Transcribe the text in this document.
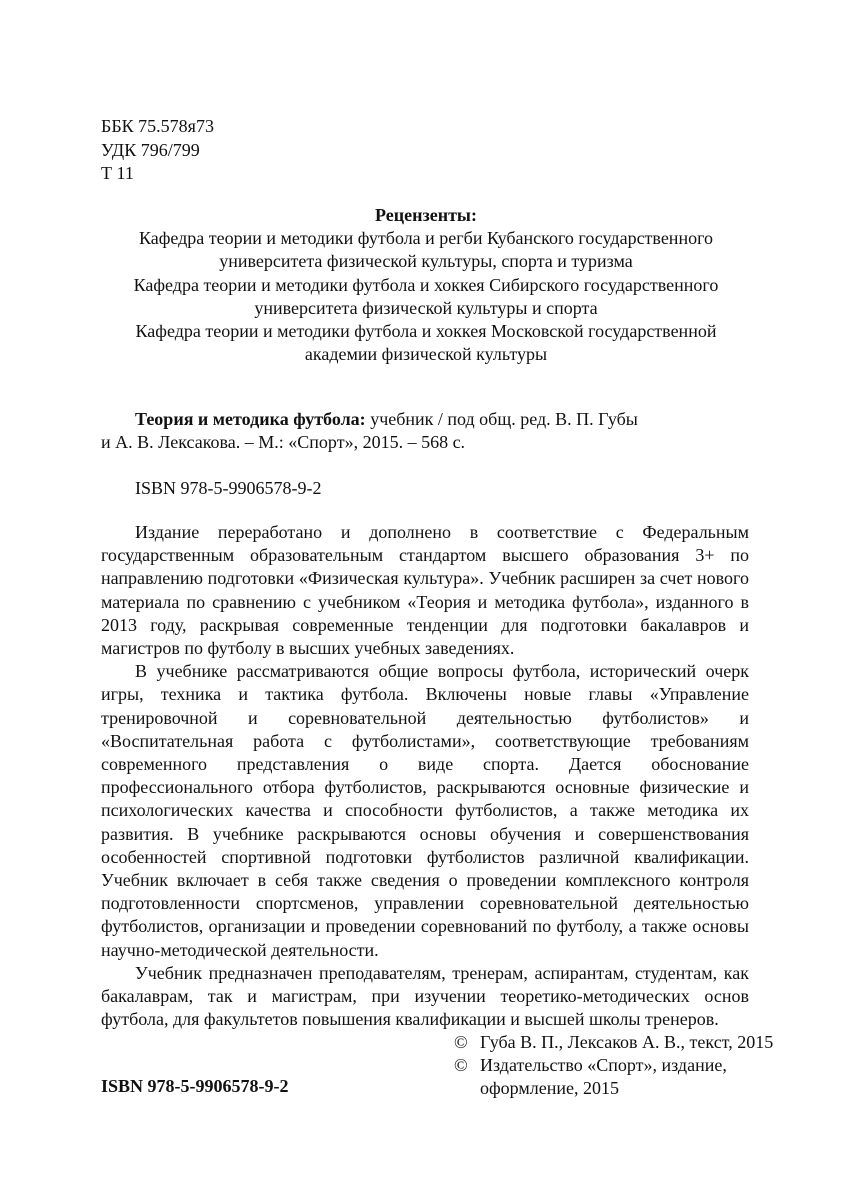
ББК 75.578я73
УДК 796/799
Т 11
Рецензенты:
Кафедра теории и методики футбола и регби Кубанского государственного
университета физической культуры, спорта и туризма
Кафедра теории и методики футбола и хоккея Сибирского государственного
университета физической культуры и спорта
Кафедра теории и методики футбола и хоккея Московской государственной
академии физической культуры
Теория и методика футбола: учебник / под общ. ред. В. П. Губы
и А. В. Лексакова. – М.: «Спорт», 2015. – 568 с.
ISBN 978-5-9906578-9-2

Издание переработано и дополнено в соответствие с Федеральным государственным образовательным стандартом высшего образования 3+ по направлению подготовки «Физическая культура». Учебник расширен за счет нового материала по сравнению с учебником «Теория и методика футбола», изданного в 2013 году, раскрывая современные тенденции для подготовки бакалавров и магистров по футболу в высших учебных заведениях.

В учебнике рассматриваются общие вопросы футбола, исторический очерк игры, техника и тактика футбола. Включены новые главы «Управление тренировочной и соревновательной деятельностью футболистов» и «Воспитательная работа с футболистами», соответствующие требованиям современного представления о виде спорта. Дается обоснование профессионального отбора футболистов, раскрываются основные физические и психологических качества и способности футболистов, а также методика их развития. В учебнике раскрываются основы обучения и совершенствования особенностей спортивной подготовки футболистов различной квалификации. Учебник включает в себя также сведения о проведении комплексного контроля подготовленности спортсменов, управлении соревновательной деятельностью футболистов, организации и проведении соревнований по футболу, а также основы научно-методической деятельности.

Учебник предназначен преподавателям, тренерам, аспирантам, студентам, как бакалаврам, так и магистрам, при изучении теоретико-методических основ футбола, для факультетов повышения квалификации и высшей школы тренеров.

© Губа В. П., Лексаков А. В., текст, 2015
© Издательство «Спорт», издание, оформление, 2015
ISBN 978-5-9906578-9-2
